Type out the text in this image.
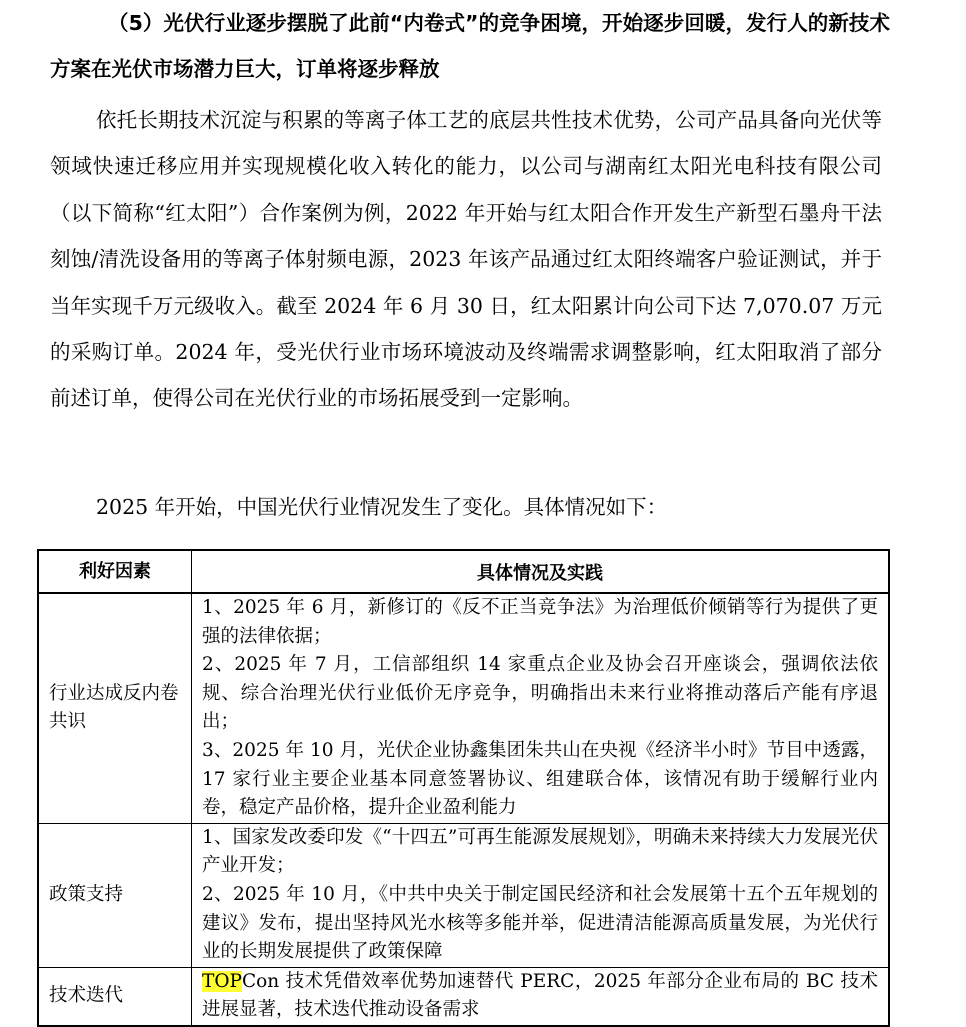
（5）光伏行业逐步摆脱了此前“内卷式”的竞争困境，开始逐步回暖，发行人的新技术方案在光伏市场潜力巨大，订单将逐步释放

依托长期技术沉淀与积累的等离子体工艺的底层共性技术优势，公司产品具备向光伏等领域快速迁移应用并实现规模化收入转化的能力，以公司与湖南红太阳光电科技有限公司（以下简称“红太阳”）合作案例为例，2022 年开始与红太阳合作开发生产新型石墨舟干法刻蚀/清洗设备用的等离子体射频电源，2023 年该产品通过红太阳终端客户验证测试，并于当年实现千万元级收入。截至 2024 年 6 月 30 日，红太阳累计向公司下达 7,070.07 万元的采购订单。2024 年，受光伏行业市场环境波动及终端需求调整影响，红太阳取消了部分前述订单，使得公司在光伏行业的市场拓展受到一定影响。

2025 年开始，中国光伏行业情况发生了变化。具体情况如下：

利好因素	具体情况及实践
行业达成反内卷共识	1、2025 年 6 月，新修订的《反不正当竞争法》为治理低价倾销等行为提供了更强的法律依据；

2、2025 年 7 月，工信部组织 14 家重点企业及协会召开座谈会，强调依法依规、综合治理光伏行业低价无序竞争，明确指出未来行业将推动落后产能有序退出；

3、2025 年 10 月，光伏企业协鑫集团朱共山在央视《经济半小时》节目中透露，17 家行业主要企业基本同意签署协议、组建联合体，该情况有助于缓解行业内卷，稳定产品价格，提升企业盈利能力

政策支持	1、国家发改委印发《“十四五”可再生能源发展规划》，明确未来持续大力发展光伏产业开发；

2、2025 年 10 月，《中共中央关于制定国民经济和社会发展第十五个五年规划的建议》发布，提出坚持风光水核等多能并举，促进清洁能源高质量发展，为光伏行业的长期发展提供了政策保障

技术迭代	TOPCon 技术凭借效率优势加速替代 PERC，2025 年部分企业布局的 BC 技术进展显著，技术迭代推动设备需求
